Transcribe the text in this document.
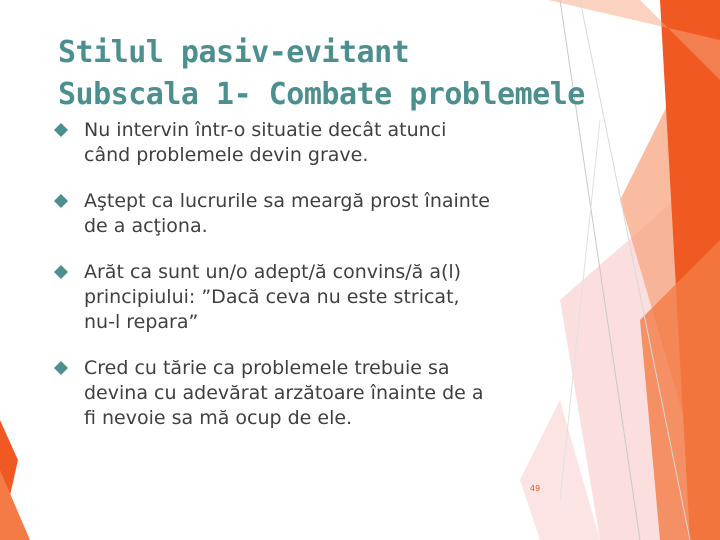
Stilul pasiv-evitant
Subscala 1- Combate problemele
Nu intervin într-o situatie decât atunci
când problemele devin grave.
Aştept ca lucrurile sa meargă prost înainte
de a acţiona.
Arăt ca sunt un/o adept/ă convins/ă a(l)
principiului: ”Dacă ceva nu este stricat,
nu-l repara”
Cred cu tărie ca problemele trebuie sa
devina cu adevărat arzătoare înainte de a
fi nevoie sa mă ocup de ele.
49
